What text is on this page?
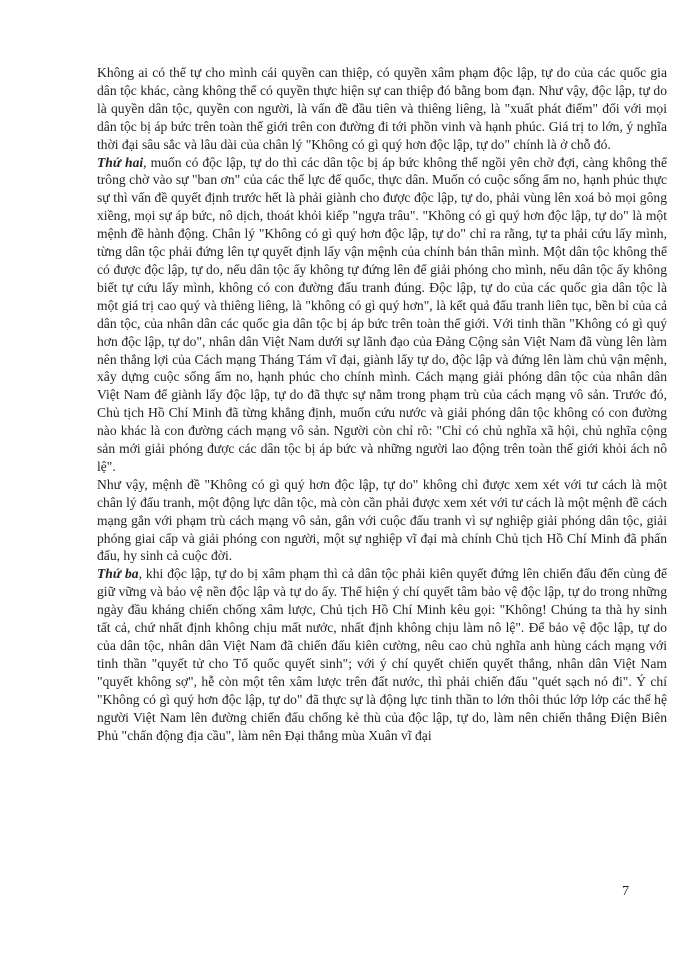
Không ai có thể tự cho mình cái quyền can thiệp, có quyền xâm phạm độc lập, tự do của các quốc gia dân tộc khác, càng không thể có quyền thực hiện sự can thiệp đó bằng bom đạn. Như vậy, độc lập, tự do là quyền dân tộc, quyền con người, là vấn đề đầu tiên và thiêng liêng, là "xuất phát điểm" đối với mọi dân tộc bị áp bức trên toàn thế giới trên con đường đi tới phồn vinh và hạnh phúc. Giá trị to lớn, ý nghĩa thời đại sâu sắc và lâu dài của chân lý "Không có gì quý hơn độc lập, tự do" chính là ở chỗ đó.

Thứ hai, muốn có độc lập, tự do thì các dân tộc bị áp bức không thể ngồi yên chờ đợi, càng không thể trông chờ vào sự "ban ơn" của các thế lực đế quốc, thực dân. Muốn có cuộc sống ấm no, hạnh phúc thực sự thì vấn đề quyết định trước hết là phải giành cho được độc lập, tự do, phải vùng lên xoá bỏ mọi gông xiềng, mọi sự áp bức, nô dịch, thoát khỏi kiếp "ngựa trâu". "Không có gì quý hơn độc lập, tự do" là một mệnh đề hành động. Chân lý "Không có gì quý hơn độc lập, tự do" chỉ ra rằng, tự ta phải cứu lấy mình, từng dân tộc phải đứng lên tự quyết định lấy vận mệnh của chính bản thân mình. Một dân tộc không thể có được độc lập, tự do, nếu dân tộc ấy không tự đứng lên để giải phóng cho mình, nếu dân tộc ấy không biết tự cứu lấy mình, không có con đường đấu tranh đúng. Độc lập, tự do của các quốc gia dân tộc là một giá trị cao quý và thiêng liêng, là "không có gì quý hơn", là kết quả đấu tranh liên tục, bền bỉ của cả dân tộc, của nhân dân các quốc gia dân tộc bị áp bức trên toàn thế giới. Với tinh thần "Không có gì quý hơn độc lập, tự do", nhân dân Việt Nam dưới sự lãnh đạo của Đảng Cộng sản Việt Nam đã vùng lên làm nên thắng lợi của Cách mạng Tháng Tám vĩ đại, giành lấy tự do, độc lập và đứng lên làm chủ vận mệnh, xây dựng cuộc sống ấm no, hạnh phúc cho chính mình. Cách mạng giải phóng dân tộc của nhân dân Việt Nam để giành lấy độc lập, tự do đã thực sự nằm trong phạm trù của cách mạng vô sản. Trước đó, Chủ tịch Hồ Chí Minh đã từng khẳng định, muốn cứu nước và giải phóng dân tộc không có con đường nào khác là con đường cách mạng vô sản. Người còn chỉ rõ: "Chỉ có chủ nghĩa xã hội, chủ nghĩa cộng sản mới giải phóng được các dân tộc bị áp bức và những người lao động trên toàn thế giới khỏi ách nô lệ".

Như vậy, mệnh đề "Không có gì quý hơn độc lập, tự do" không chỉ được xem xét với tư cách là một chân lý đấu tranh, một động lực dân tộc, mà còn cần phải được xem xét với tư cách là một mệnh đề cách mạng gắn với phạm trù cách mạng vô sản, gắn với cuộc đấu tranh vì sự nghiệp giải phóng dân tộc, giải phóng giai cấp và giải phóng con người, một sự nghiệp vĩ đại mà chính Chủ tịch Hồ Chí Minh đã phấn đấu, hy sinh cả cuộc đời.

Thứ ba, khi độc lập, tự do bị xâm phạm thì cả dân tộc phải kiên quyết đứng lên chiến đấu đến cùng để giữ vững và bảo vệ nền độc lập và tự do ấy. Thể hiện ý chí quyết tâm bảo vệ độc lập, tự do trong những ngày đầu kháng chiến chống xâm lược, Chủ tịch Hồ Chí Minh kêu gọi: "Không! Chúng ta thà hy sinh tất cả, chứ nhất định không chịu mất nước, nhất định không chịu làm nô lệ". Để bảo vệ độc lập, tự do của dân tộc, nhân dân Việt Nam đã chiến đấu kiên cường, nêu cao chủ nghĩa anh hùng cách mạng với tinh thần "quyết tử cho Tổ quốc quyết sinh"; với ý chí quyết chiến quyết thắng, nhân dân Việt Nam "quyết không sợ", hễ còn một tên xâm lược trên đất nước, thì phải chiến đấu "quét sạch nó đi". Ý chí "Không có gì quý hơn độc lập, tự do" đã thực sự là động lực tinh thần to lớn thôi thúc lớp lớp các thế hệ người Việt Nam lên đường chiến đấu chống kẻ thù của độc lập, tự do, làm nên chiến thắng Điện Biên Phủ "chấn động địa cầu", làm nên Đại thắng mùa Xuân vĩ đại

7
